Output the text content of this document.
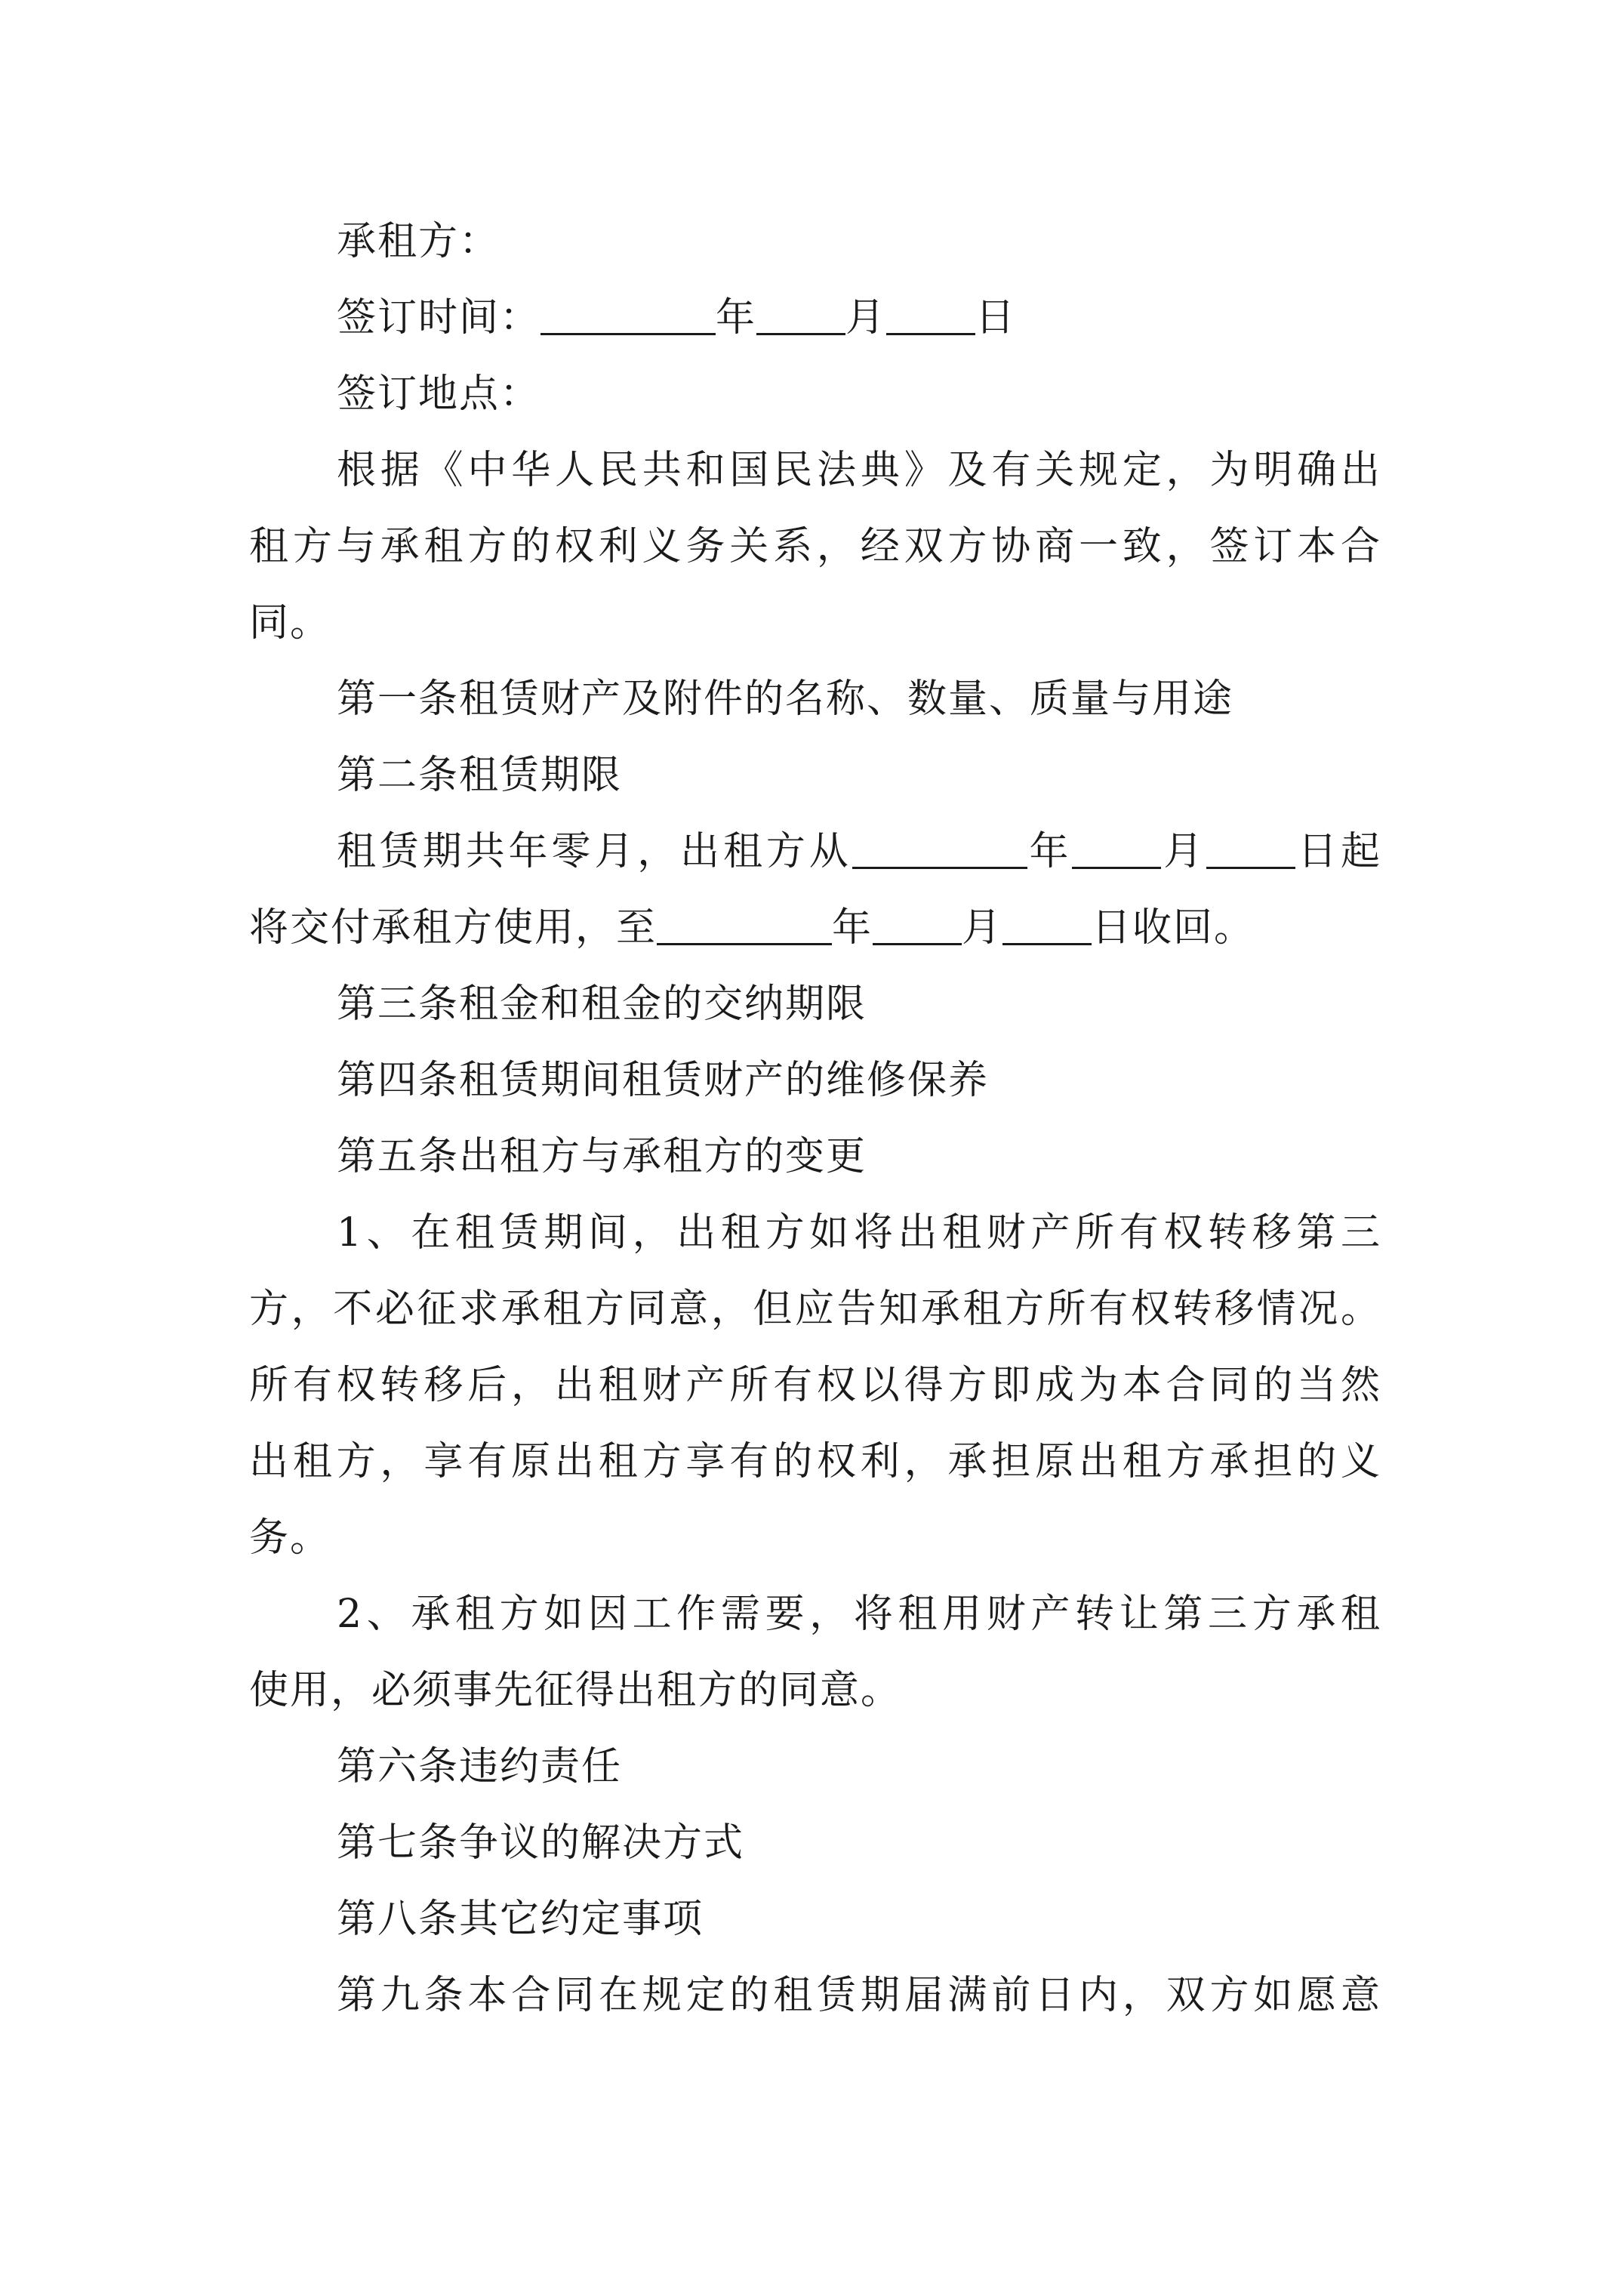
承租方：
签订时间：	年 月 日
签订地点：
根据《中华人民共和国民法典》及有关规定，为明确出
租方与承租方的权利义务关系，经双方协商一致，签订本合
同。
第一条租赁财产及附件的名称、数量、质量与用途
第二条租赁期限
租赁期共年零月，出租方从	年 月 日起
将交付承租方使用，至	年 月 日收回。
第三条租金和租金的交纳期限
第四条租赁期间租赁财产的维修保养
第五条出租方与承租方的变更
1、在租赁期间，出租方如将出租财产所有权转移第三
方，不必征求承租方同意，但应告知承租方所有权转移情况。
所有权转移后，出租财产所有权以得方即成为本合同的当然
出租方，享有原出租方享有的权利，承担原出租方承担的义
务。
2、承租方如因工作需要，将租用财产转让第三方承租
使用，必须事先征得出租方的同意。
第六条违约责任
第七条争议的解决方式
第八条其它约定事项
第九条本合同在规定的租赁期届满前日内，双方如愿意
